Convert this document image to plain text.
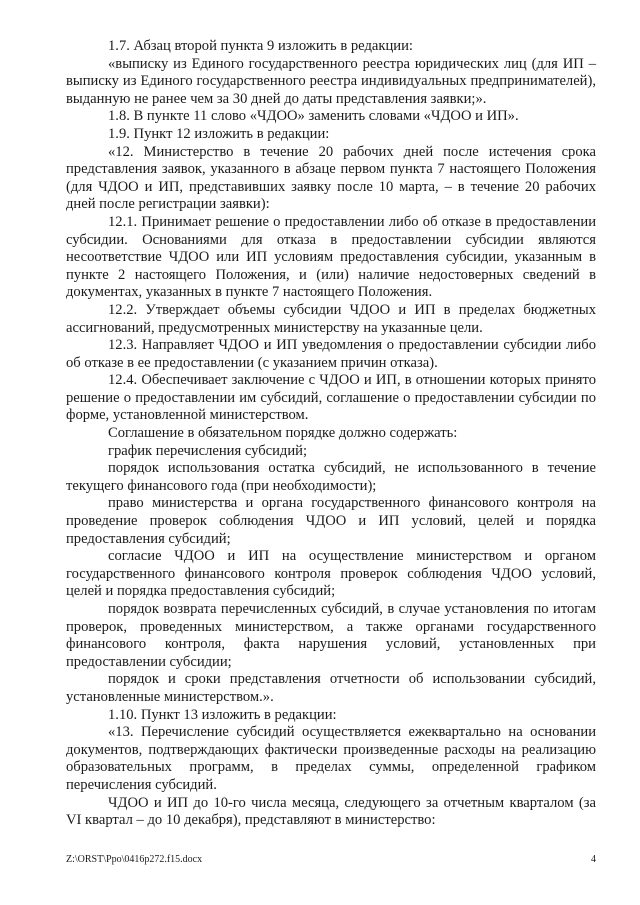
1.7. Абзац второй пункта 9 изложить в редакции:

«выписку из Единого государственного реестра юридических лиц (для ИП – выписку из Единого государственного реестра индивидуальных предпринимателей), выданную не ранее чем за 30 дней до даты представления заявки;».

1.8. В пункте 11 слово «ЧДОО» заменить словами «ЧДОО и ИП».

1.9. Пункт 12 изложить в редакции:

«12. Министерство в течение 20 рабочих дней после истечения срока представления заявок, указанного в абзаце первом пункта 7 настоящего Положения (для ЧДОО и ИП, представивших заявку после 10 марта, – в течение 20 рабочих дней после регистрации заявки):

12.1. Принимает решение о предоставлении либо об отказе в предоставлении субсидии. Основаниями для отказа в предоставлении субсидии являются несоответствие ЧДОО или ИП условиям предоставления субсидии, указанным в пункте 2 настоящего Положения, и (или) наличие недостоверных сведений в документах, указанных в пункте 7 настоящего Положения.

12.2. Утверждает объемы субсидии ЧДОО и ИП в пределах бюджетных ассигнований, предусмотренных министерству на указанные цели.

12.3. Направляет ЧДОО и ИП уведомления о предоставлении субсидии либо об отказе в ее предоставлении (с указанием причин отказа).

12.4. Обеспечивает заключение с ЧДОО и ИП, в отношении которых принято решение о предоставлении им субсидий, соглашение о предоставлении субсидии по форме, установленной министерством.

Соглашение в обязательном порядке должно содержать:

график перечисления субсидий;

порядок использования остатка субсидий, не использованного в течение текущего финансового года (при необходимости);

право министерства и органа государственного финансового контроля на проведение проверок соблюдения ЧДОО и ИП условий, целей и порядка предоставления субсидий;

согласие ЧДОО и ИП на осуществление министерством и органом государственного финансового контроля проверок соблюдения ЧДОО условий, целей и порядка предоставления субсидий;

порядок возврата перечисленных субсидий, в случае установления по итогам проверок, проведенных министерством, а также органами государственного финансового контроля, факта нарушения условий, установленных при предоставлении субсидии;

порядок и сроки представления отчетности об использовании субсидий, установленные министерством.».

1.10. Пункт 13 изложить в редакции:

«13. Перечисление субсидий осуществляется ежеквартально на основании документов, подтверждающих фактически произведенные расходы на реализацию образовательных программ, в пределах суммы, определенной графиком перечисления субсидий.

ЧДОО и ИП до 10-го числа месяца, следующего за отчетным кварталом (за VI квартал – до 10 декабря), представляют в министерство:

Z:\ORST\Ppo\0416p272.f15.docx	4
